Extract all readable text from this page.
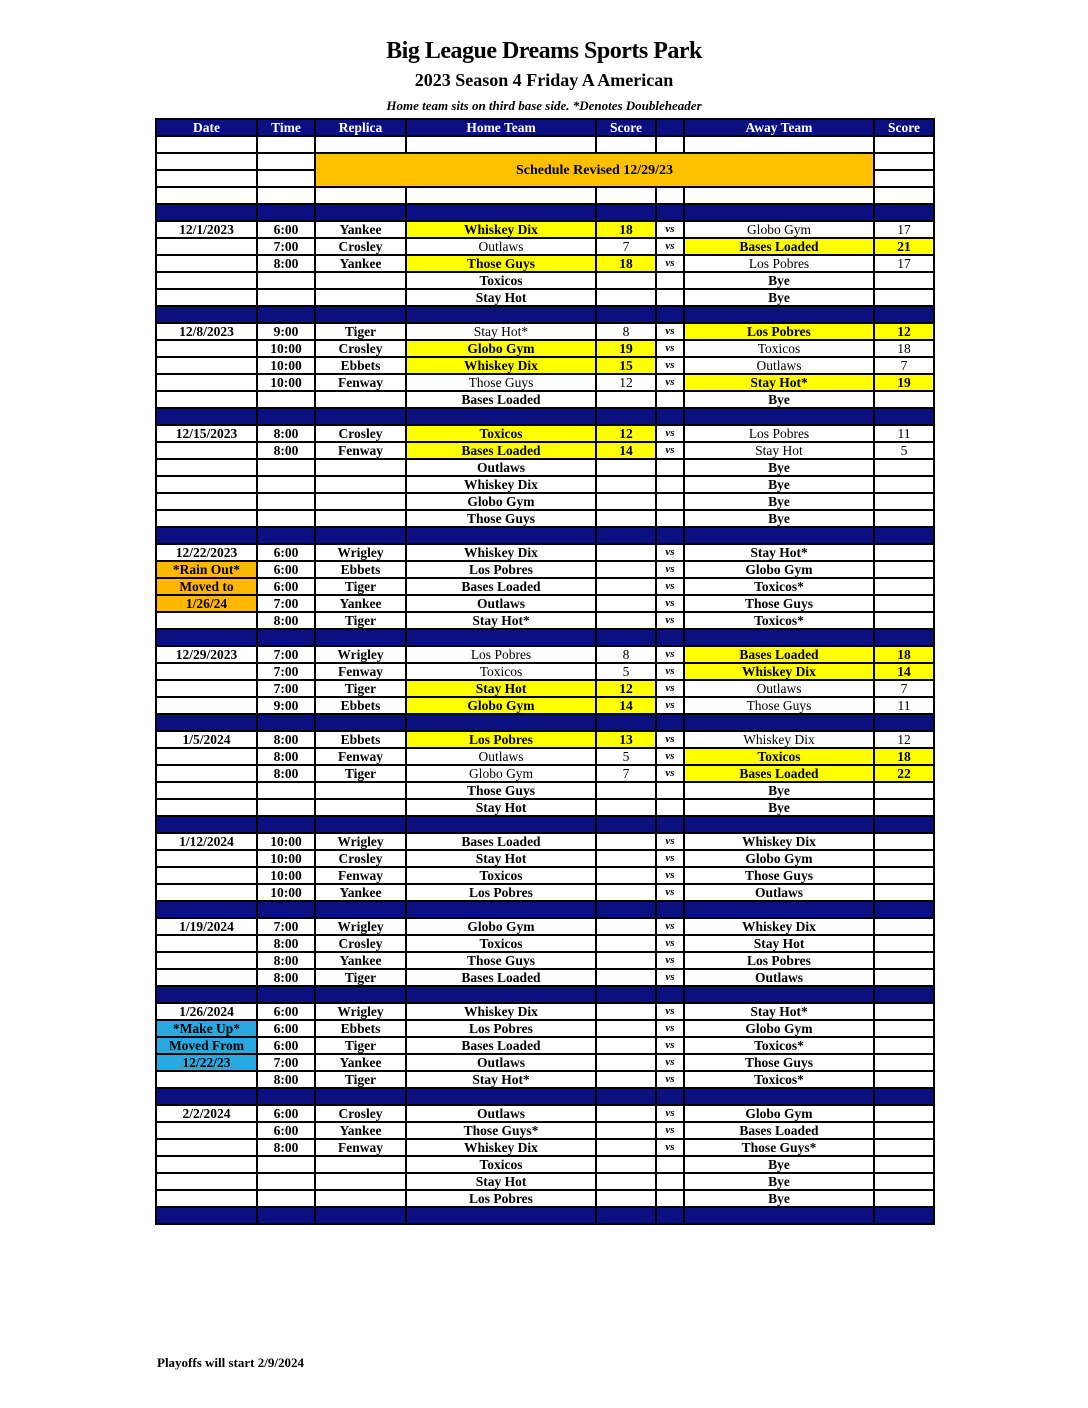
Big League Dreams Sports Park
2023 Season 4 Friday A American
Home team sits on third base side. *Denotes Doubleheader
Date	Time	Replica	Home Team	Score		Away Team	Score

		Schedule Revised 12/29/23					

12/1/2023	6:00	Yankee	Whiskey Dix	18	vs	Globo Gym	17
	7:00	Crosley	Outlaws	7	vs	Bases Loaded	21
	8:00	Yankee	Those Guys	18	vs	Los Pobres	17
			Toxicos			Bye	
			Stay Hot			Bye	

12/8/2023	9:00	Tiger	Stay Hot*	8	vs	Los Pobres	12
	10:00	Crosley	Globo Gym	19	vs	Toxicos	18
	10:00	Ebbets	Whiskey Dix	15	vs	Outlaws	7
	10:00	Fenway	Those Guys	12	vs	Stay Hot*	19
			Bases Loaded			Bye	

12/15/2023	8:00	Crosley	Toxicos	12	vs	Los Pobres	11
	8:00	Fenway	Bases Loaded	14	vs	Stay Hot	5
			Outlaws			Bye	
			Whiskey Dix			Bye	
			Globo Gym			Bye	
			Those Guys			Bye	

12/22/2023	6:00	Wrigley	Whiskey Dix		vs	Stay Hot*	
*Rain Out*	6:00	Ebbets	Los Pobres		vs	Globo Gym	
Moved to	6:00	Tiger	Bases Loaded		vs	Toxicos*	
1/26/24	7:00	Yankee	Outlaws		vs	Those Guys	
	8:00	Tiger	Stay Hot*		vs	Toxicos*	

12/29/2023	7:00	Wrigley	Los Pobres	8	vs	Bases Loaded	18
	7:00	Fenway	Toxicos	5	vs	Whiskey Dix	14
	7:00	Tiger	Stay Hot	12	vs	Outlaws	7
	9:00	Ebbets	Globo Gym	14	vs	Those Guys	11

1/5/2024	8:00	Ebbets	Los Pobres	13	vs	Whiskey Dix	12
	8:00	Fenway	Outlaws	5	vs	Toxicos	18
	8:00	Tiger	Globo Gym	7	vs	Bases Loaded	22
			Those Guys			Bye	
			Stay Hot			Bye	

1/12/2024	10:00	Wrigley	Bases Loaded		vs	Whiskey Dix	
	10:00	Crosley	Stay Hot		vs	Globo Gym	
	10:00	Fenway	Toxicos		vs	Those Guys	
	10:00	Yankee	Los Pobres		vs	Outlaws	

1/19/2024	7:00	Wrigley	Globo Gym		vs	Whiskey Dix	
	8:00	Crosley	Toxicos		vs	Stay Hot	
	8:00	Yankee	Those Guys		vs	Los Pobres	
	8:00	Tiger	Bases Loaded		vs	Outlaws	

1/26/2024	6:00	Wrigley	Whiskey Dix		vs	Stay Hot*	
*Make Up*	6:00	Ebbets	Los Pobres		vs	Globo Gym	
Moved From	6:00	Tiger	Bases Loaded		vs	Toxicos*	
12/22/23	7:00	Yankee	Outlaws		vs	Those Guys	
	8:00	Tiger	Stay Hot*		vs	Toxicos*	

2/2/2024	6:00	Crosley	Outlaws		vs	Globo Gym	
	6:00	Yankee	Those Guys*		vs	Bases Loaded	
	8:00	Fenway	Whiskey Dix		vs	Those Guys*	
			Toxicos			Bye	
			Stay Hot			Bye	
			Los Pobres			Bye	

Playoffs will start 2/9/2024
